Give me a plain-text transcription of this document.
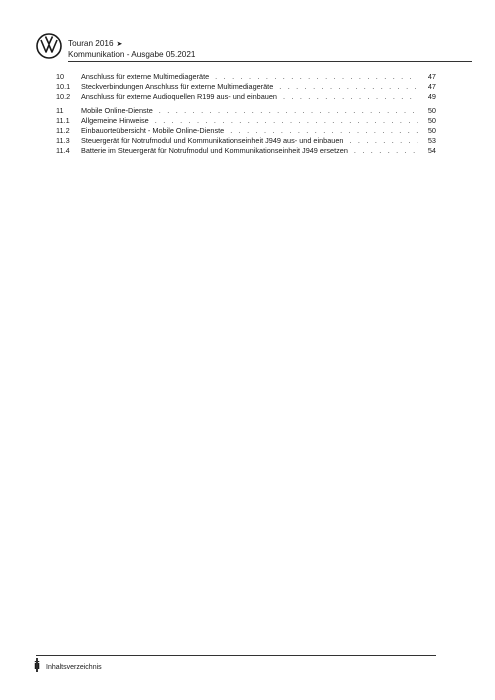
Touran 2016 ➤
Kommunikation - Ausgabe 05.2021
10	Anschluss für externe Multimediageräte . . .	47
10.1	Steckverbindungen Anschluss für externe Multimediageräte . . .	47
10.2	Anschluss für externe Audioquellen R199 aus- und einbauen . . .	49
11	Mobile Online-Dienste . . .	50
11.1	Allgemeine Hinweise . . .	50
11.2	Einbauorteübersicht - Mobile Online-Dienste . . .	50
11.3	Steuergerät für Notrufmodul und Kommunikationseinheit J949 aus- und einbauen . . .	53
11.4	Batterie im Steuergerät für Notrufmodul und Kommunikationseinheit J949 ersetzen . . .	54
ii Inhaltsverzeichnis
